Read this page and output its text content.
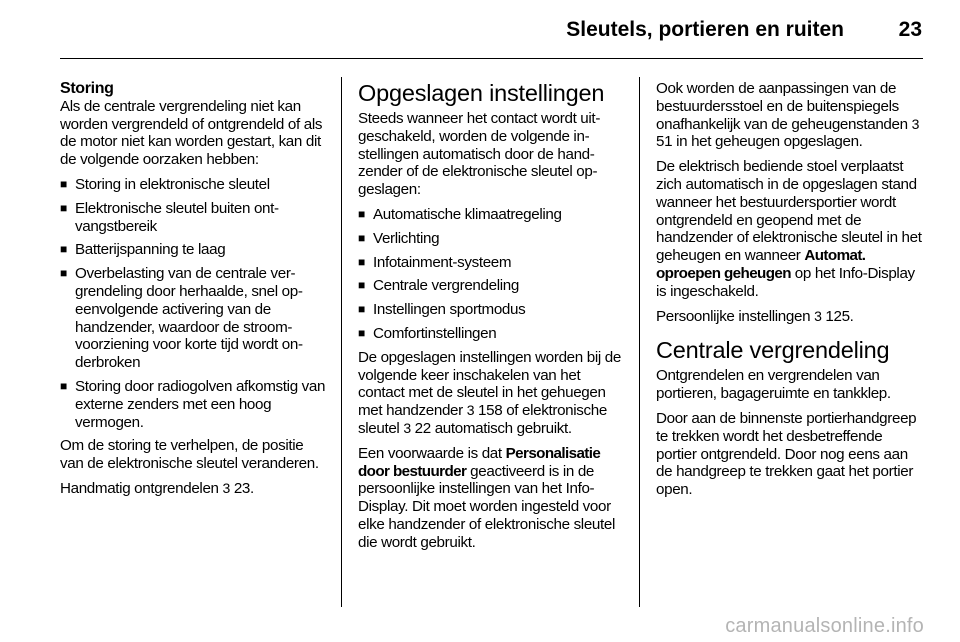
Sleutels, portieren en ruiten	23
Storing

Als de centrale vergrendeling niet kan worden vergrendeld of ontgrendeld of als de motor niet kan worden gestart, kan dit de volgende oorzaken hebben:

■ Storing in elektronische sleutel
■ Elektronische sleutel buiten ontvangstbereik
■ Batterijspanning te laag
■ Overbelasting van de centrale vergrendeling door herhaalde, snel opeenvolgende activering van de handzender, waardoor de stroomvoorziening voor korte tijd wordt onderbroken
■ Storing door radiogolven afkomstig van externe zenders met een hoog vermogen.

Om de storing te verhelpen, de positie van de elektronische sleutel veranderen.

Handmatig ontgrendelen 3 23.

Opgeslagen instellingen

Steeds wanneer het contact wordt uitgeschakeld, worden de volgende instellingen automatisch door de handzender of de elektronische sleutel opgeslagen:

■ Automatische klimaatregeling
■ Verlichting
■ Infotainment-systeem
■ Centrale vergrendeling
■ Instellingen sportmodus
■ Comfortinstellingen

De opgeslagen instellingen worden bij de volgende keer inschakelen van het contact met de sleutel in het gehuegen met handzender 3 158 of elektronische sleutel 3 22 automatisch gebruikt.

Een voorwaarde is dat Personalisatie door bestuurder geactiveerd is in de persoonlijke instellingen van het Info-Display. Dit moet worden ingesteld voor elke handzender of elektronische sleutel die wordt gebruikt.

Ook worden de aanpassingen van de bestuurdersstoel en de buitenspiegels onafhankelijk van de geheugenstanden 3 51 in het geheugen opgeslagen.

De elektrisch bediende stoel verplaatst zich automatisch in de opgeslagen stand wanneer het bestuurdersportier wordt ontgrendeld en geopend met de handzender of elektronische sleutel in het geheugen en wanneer Automat. oproepen geheugen op het Info-Display is ingeschakeld.

Persoonlijke instellingen 3 125.

Centrale vergrendeling

Ontgrendelen en vergrendelen van portieren, bagageruimte en tankklep.

Door aan de binnenste portierhandgreep te trekken wordt het desbetreffende portier ontgrendeld. Door nog eens aan de handgreep te trekken gaat het portier open.

carmanualsonline.info
